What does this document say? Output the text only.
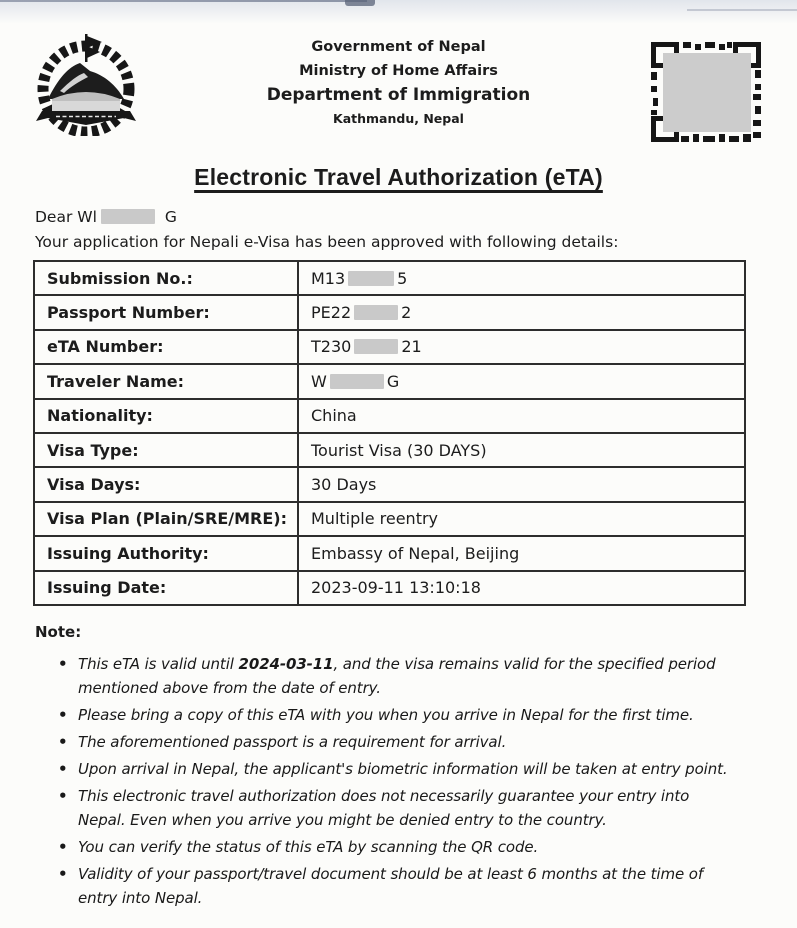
Government of Nepal
Ministry of Home Affairs
Department of Immigration
Kathmandu, Nepal
Electronic Travel Authorization (eTA)

Dear Wl	G

Your application for Nepali e-Visa has been approved with following details:

Submission No.:	M13 5
Passport Number:	PE22 2
eTA Number:	T230 21
Traveler Name:	W G
Nationality:	China
Visa Type:	Tourist Visa (30 DAYS)
Visa Days:	30 Days
Visa Plan (Plain/SRE/MRE):	Multiple reentry
Issuing Authority:	Embassy of Nepal, Beijing
Issuing Date:	2023-09-11 13:10:18
Note:
• This eTA is valid until 2024-03-11, and the visa remains valid for the specified period mentioned above from the date of entry.
• Please bring a copy of this eTA with you when you arrive in Nepal for the first time.
• The aforementioned passport is a requirement for arrival.
• Upon arrival in Nepal, the applicant's biometric information will be taken at entry point.
• This electronic travel authorization does not necessarily guarantee your entry into Nepal. Even when you arrive you might be denied entry to the country.
• You can verify the status of this eTA by scanning the QR code.
• Validity of your passport/travel document should be at least 6 months at the time of entry into Nepal.
